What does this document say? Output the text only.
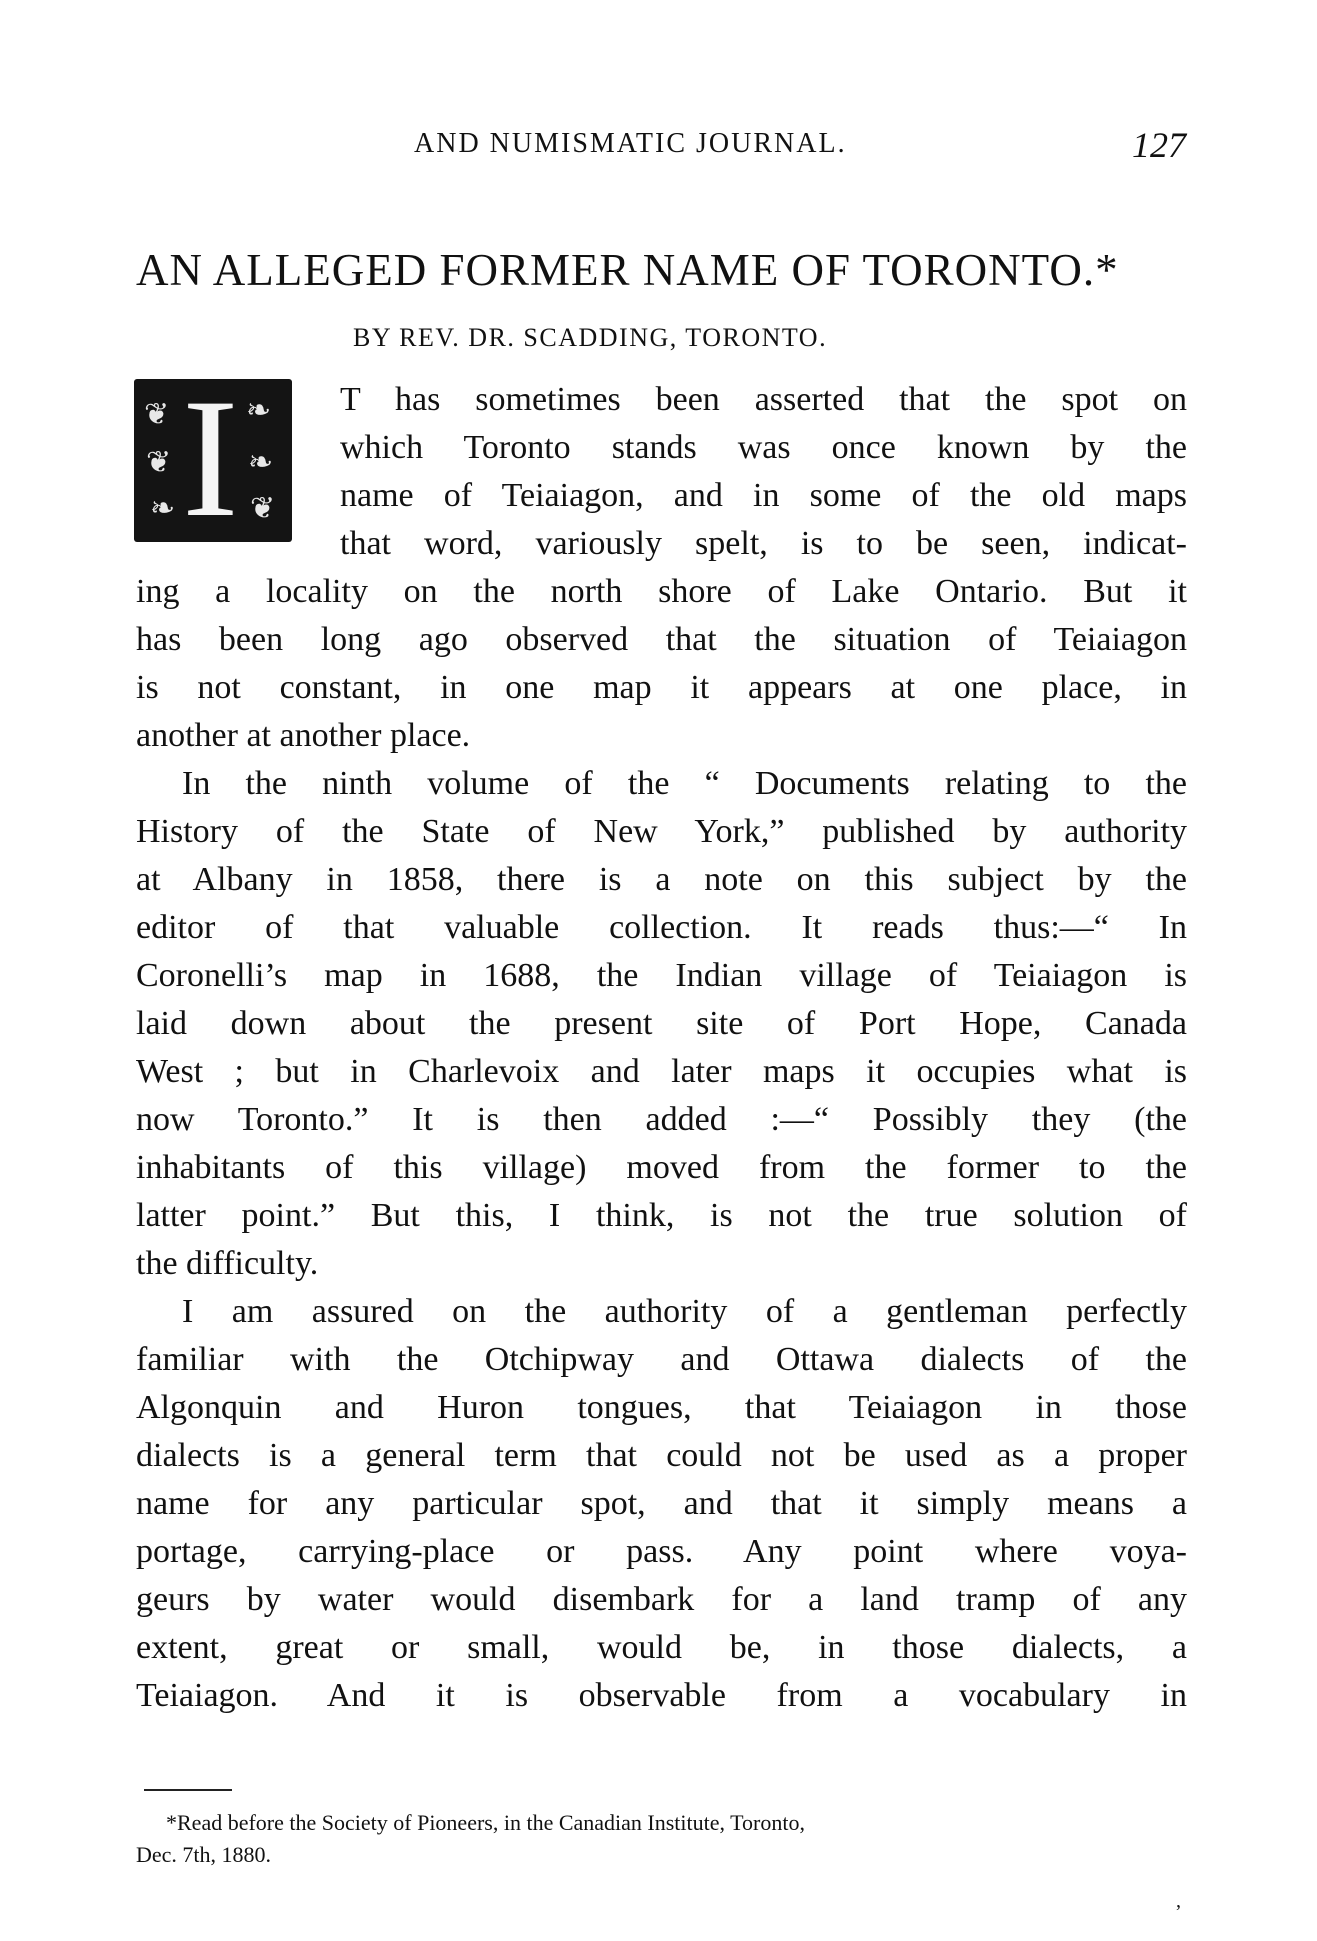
AND NUMISMATIC JOURNAL.	127
AN ALLEGED FORMER NAME OF TORONTO.*
BY REV. DR. SCADDING, TORONTO.
❦	❧
❦	❧
❧ ❦
I	T has sometimes been asserted that the spot on
which Toronto stands was once known by the
name of Teiaiagon, and in some of the old maps
that word, variously spelt, is to be seen, indicat-
ing a locality on the north shore of Lake Ontario. But it
has been long ago observed that the situation of Teiaiagon
is not constant, in one map it appears at one place, in
another at another place.
In the ninth volume of the “ Documents relating to the
History of the State of New York,” published by authority
at Albany in 1858, there is a note on this subject by the
editor of that valuable collection. It reads thus:—“ In
Coronelli’s map in 1688, the Indian village of Teiaiagon is
laid down about the present site of Port Hope, Canada
West ; but in Charlevoix and later maps it occupies what is
now Toronto.” It is then added :—“ Possibly they (the
inhabitants of this village) moved from the former to the
latter point.” But this, I think, is not the true solution of
the difficulty.
I am assured on the authority of a gentleman perfectly
familiar with the Otchipway and Ottawa dialects of the
Algonquin and Huron tongues, that Teiaiagon in those
dialects is a general term that could not be used as a proper
name for any particular spot, and that it simply means a
portage, carrying-place or pass. Any point where voya-
geurs by water would disembark for a land tramp of any
extent, great or small, would be, in those dialects, a
Teiaiagon. And it is observable from a vocabulary in
*Read before the Society of Pioneers, in the Canadian Institute, Toronto,
Dec. 7th, 1880.
,
